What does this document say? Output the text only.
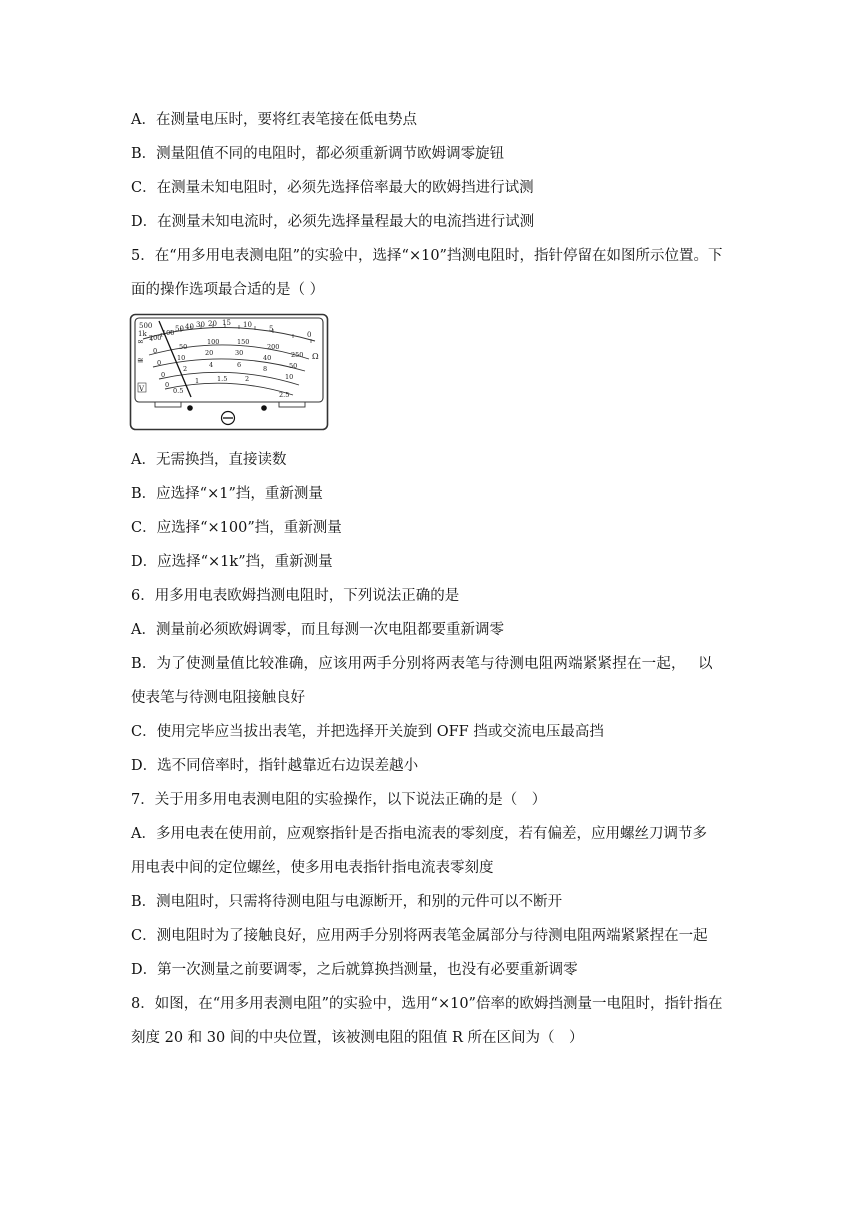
A．在测量电压时，要将红表笔接在低电势点
B．测量阻值不同的电阻时，都必须重新调节欧姆调零旋钮
C．在测量未知电阻时，必须先选择倍率最大的欧姆挡进行试测
D．在测量未知电流时，必须先选择量程最大的电流挡进行试测
5．在“用多用电表测电阻”的实验中，选择“×10”挡测电阻时，指针停留在如图所示位置。下
面的操作选项最合适的是（ ）
500
1k
∞ 200
100 50 40 30 20 15 10 5
0
Ω
0	50
100	150
200
250
0
10
20	30
40
50
0
2	4	6	8
10
0
0.5
1	1.5	2
2.5
≅
V
A．无需换挡，直接读数
B．应选择“×1”挡，重新测量
C．应选择“×100”挡，重新测量
D．应选择“×1k”挡，重新测量
6．用多用电表欧姆挡测电阻时，下列说法正确的是
A．测量前必须欧姆调零，而且每测一次电阻都要重新调零
B．为了使测量值比较准确，应该用两手分别将两表笔与待测电阻两端紧紧捏在一起，　 以
使表笔与待测电阻接触良好
C．使用完毕应当拔出表笔，并把选择开关旋到 OFF 挡或交流电压最高挡
D．选不同倍率时，指针越靠近右边误差越小
7．关于用多用电表测电阻的实验操作，以下说法正确的是（　）
A．多用电表在使用前，应观察指针是否指电流表的零刻度，若有偏差，应用螺丝刀调节多
用电表中间的定位螺丝，使多用电表指针指电流表零刻度
B．测电阻时，只需将待测电阻与电源断开，和别的元件可以不断开
C．测电阻时为了接触良好，应用两手分别将两表笔金属部分与待测电阻两端紧紧捏在一起
D．第一次测量之前要调零，之后就算换挡测量，也没有必要重新调零
8．如图，在“用多用表测电阻”的实验中，选用“×10”倍率的欧姆挡测量一电阻时，指针指在
刻度 20 和 30 间的中央位置，该被测电阻的阻值 R 所在区间为（　）
